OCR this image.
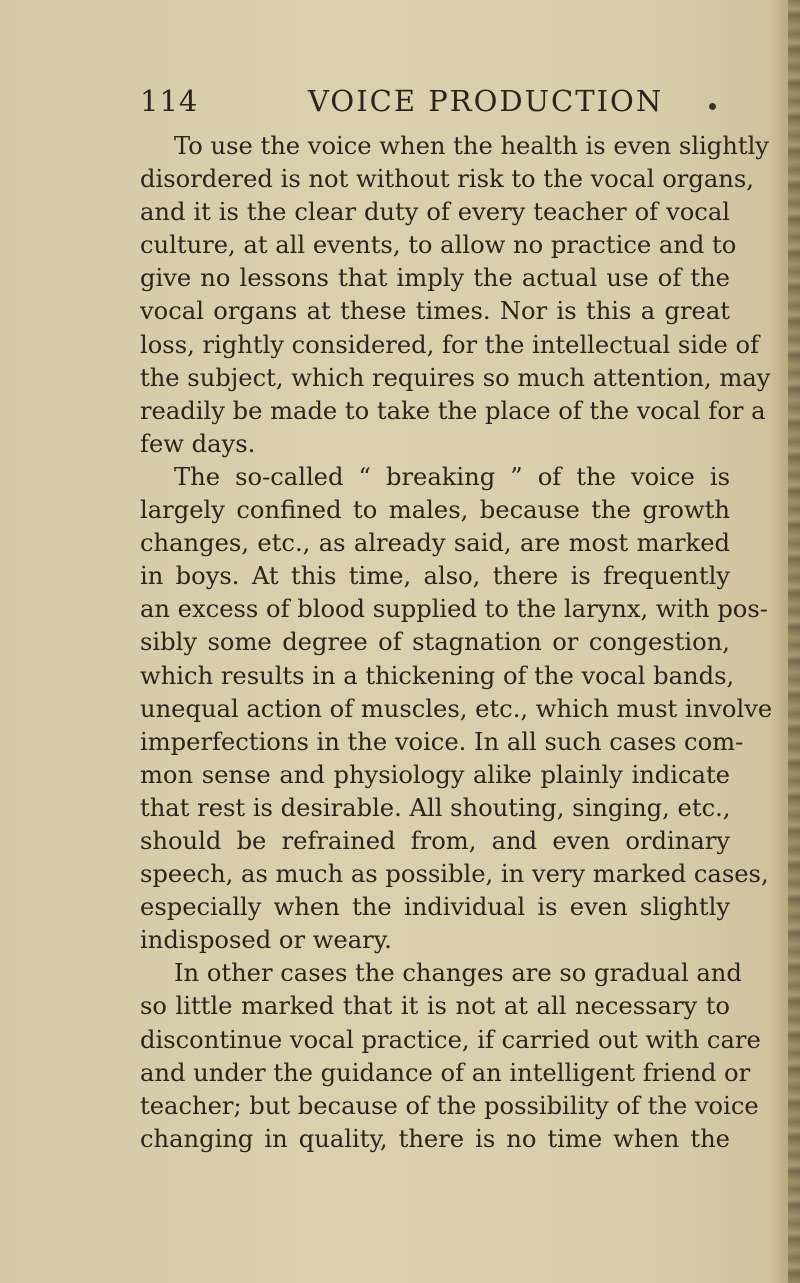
114	VOICE PRODUCTION
To use the voice when the health is even slightly
disordered is not without risk to the vocal organs,
and it is the clear duty of every teacher of vocal
culture, at all events, to allow no practice and to
give no lessons that imply the actual use of the
vocal organs at these times. Nor is this a great
loss, rightly considered, for the intellectual side of
the subject, which requires so much attention, may
readily be made to take the place of the vocal for a
few days.
The so-called “ breaking ” of the voice is
largely confined to males, because the growth
changes, etc., as already said, are most marked
in boys. At this time, also, there is frequently
an excess of blood supplied to the larynx, with pos-
sibly some degree of stagnation or congestion,
which results in a thickening of the vocal bands,
unequal action of muscles, etc., which must involve
imperfections in the voice. In all such cases com-
mon sense and physiology alike plainly indicate
that rest is desirable. All shouting, singing, etc.,
should be refrained from, and even ordinary
speech, as much as possible, in very marked cases,
especially when the individual is even slightly
indisposed or weary.
In other cases the changes are so gradual and
so little marked that it is not at all necessary to
discontinue vocal practice, if carried out with care
and under the guidance of an intelligent friend or
teacher; but because of the possibility of the voice
changing in quality, there is no time when the
